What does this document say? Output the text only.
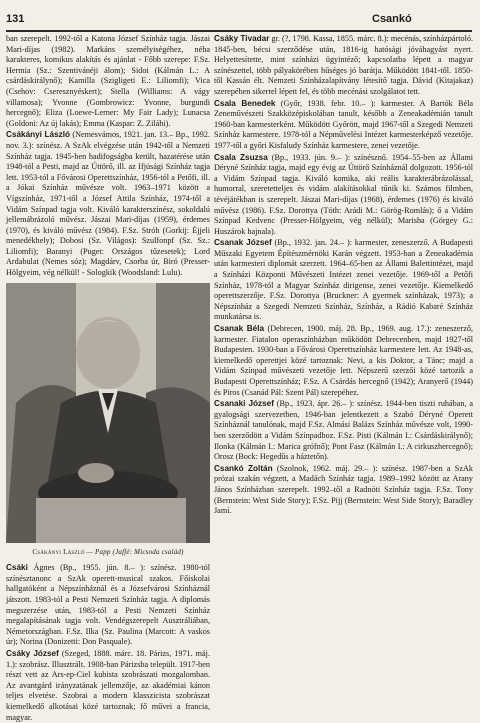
131	Csankó

ban szerepelt. 1992-től a Katona József Színház tagja. Jászai Mari-díjas (1982). Markáns személyiségéhez, néha karakteres, komikus alakítás és ajánlat - Főbb szerepe: F.Sz. Hermia (Sz.: Szentivánéji álom); Sidoi (Kálmán L.: A csárdáskirálynő); Kamilla (Szigligeti E.: Liliomfi); Vica (Csehov: Cseresznyéskert); Stella (Williams: A vágy villamosa); Yvonne (Gombrowicz: Yvonne, burgundi hercegnő); Eliza (Loewe-Lerner: My Fair Lady); Lunacsa (Goldoni: Az új lakás); Emma (Kaspar: Z. Ziláhi).

Csákányi László (Nemesvámos, 1921. jan. 13.– Bp., 1992. nov. 3.): színész. A SzAk elvégzése után 1942-től a Nemzeti Színház tagja. 1945-ben hadifogságba került, hazatérése után 1948-tól a Pesti, majd az Úttörő, ill. az Ifjúsági Színház tagja lett. 1953-tól a Fővárosi Operettszínház, 1956-tól a Petőfi, ill. a Jókai Színház művésze volt. 1963–1971 között a Vígszínház, 1971-től a József Attila Színház, 1974-től a Vidám Színpad tagja volt. Kiváló karakterszínész, sokoldalú jellemábrázoló művész. Jászai Mari-díjas (1959), érdemes (1970), és kiváló művész (1984). F.Sz. Stróh (Gorkij: Éjjeli menedékhely); Dobosi (Sz. Világos): Szulfonpf (Sz. Sz.: Liliomfi); Baranyi (Puget: Országos tűzesetek); Lord Ardabulat (Nemes sóz); Magdárv, Csorba úr, Biró (Presser-Hölgyeim, vég nélkül! - Sologkik (Woodsland: Lulu).

Csákányi László — Papp (Jaffé: Micsoda család)

Csáki Ágnes (Bp., 1955. jún. 8.– ): színész. 1980-tól színésztanonc a SzAk operett-musical szakos. Főiskolai hallgatóként a Népszínháznál és a Józsefvárosi Színháznál játszott. 1983-tól a Pesti Nemzeti Színház tagja. A diplomás megszerzése után, 1983-tól a Pesti Nemzeti Színház megalapításának tagja volt. Vendégszerepelt Ausztráliában, Németországban. F.Sz. Ilka (Sz. Paulina (Marcott: A vaskos úr); Norina (Donizetti: Don Pasquale).

Csáky József (Szeged, 1888. márc. 18. Párizs, 1971. máj. 1.): szobrász. Illusztrált. 1908-ban Párizsba települt. 1917-ben részt vett az Ars-ep-Ciel kubista szobrászati mozgalomban. Az avantgárd irányzatának jellemzője, az akadémiai kánon teljes elvetése. Szobrai a modern klasszicista szobrászat kiemelkedő alkotásai közé tartoznak; fő művei a francia, magyar.

Csáky Tivadar gr. (?, 1798. Kassa, 1855. márc. 8.): mecénás, színházpártoló. 1845-ben, bécsi szerződése után, 1816-ig hatósági jóváhagyást nyert. Helyettesítette, mint színházi ügyintéző; kapcsolatba lépett a magyar színészettel, több pályakörében hűséges jó barátja. Működött 1841-től. 1850-től Kassán élt. Nemzeti Színházalapítvány létesítő tagja. Dávid (Kitajakaz) szerepében sikerrel lépett fel, és több mecénási szolgálatot tett.

Csala Benedek (Győr, 1938. febr. 10.– ): karmester. A Bartók Béla Zeneművészeti Szakközépiskolában tanult, később a Zeneakadémián tanult 1960-ban karmesterként. Működött Győrött, majd 1967-től a Szegedi Nemzeti Színház karmestere. 1978-tól a Népművelési Intézet karmesterképző vezetője. 1977-től a győri Kisfaludy Színház karmestere, zenei vezetője.

Csala Zsuzsa (Bp., 1933. jún. 9.– ): színésznő. 1954–55-ben az Állami Déryné Színház tagja, majd egy évig az Úttörő Színháznál dolgozott. 1956-tól a Vidám Színpad tagja. Kiváló komika, aki reális karakterábrázolással, humorral, szeretetteljes és vidám alakításokkal tűnik ki. Számos filmben, tévéjátékban is szerepelt. Jászai Mari-díjas (1968), érdemes (1976) és kiváló művész (1986). F.Sz. Dorottya (Tóth: Arádi M.: Görög-Romlás); ő a Vidám Színpad Kedvenc (Presser-Hölgyeim, vég nélkül); Marisha (Görgey G.: Huszárok hajnala).

Csanak József (Bp., 1932. jan. 24.– ): karmester, zeneszerző. A Budapesti Műszaki Egyetem Építészmérnöki Karán végzett. 1953-ban a Zeneakadémia után karmesteri diplomát szerzett. 1964–65-ben az Állami Balettintézet, majd a Színházi Központi Művészeti Intézet zenei vezetője. 1969-től a Petőfi Színház, 1978-tól a Magyar Színház dirigense, zenei vezetője. Kiemelkedő operettszerzője. F.Sz. Dorottya (Bruckner: A gyermek színházak, 1973); a Népszínház a Szegedi Nemzeti Színház, Színház, a Rádió Kabaré Színház munkatársa is.

Csanak Béla (Debrecen, 1900. máj. 28. Bp., 1969. aug. 17.): zeneszerző, karmester. Fiatalon operaszínházban működött Debrecenben, majd 1927-től Budapesten. 1930-ban a Fővárosi Operettszínház karmestere lett. Az 1948-as, kiemelkedő operettjei közé tartoznak: Nevi, a kis Doktor, a Tánc; majd a Vidám Színpad művészeti vezetője lett. Népszerű szerzői közé tartozik a Budapesti Operettszínház; F.Sz. A Csárdás hercegnő (1942); Aranyerő (1944) és Piros (Csanád Pál: Szent Pál) szerepéhez.

Csanaki József (Bp., 1923. ápr. 26.– ): színész. 1944-ben tiszti ruhában, a gyalogsági szervezetben, 1946-ban jelentkezett a Szabó Déryné Operett Színháznál tanulónak, majd F.Sz. Almási Balázs Színház művésze volt, 1990-ben szerződött a Vidám Színpadhoz. F.Sz. Pisti (Kálmán I.: Csárdáskirálynő); Ilonka (Kálmán I.: Marica grófnő); Pont Fasz (Kálmán I.: A cirkuszhercegnő); Orosz (Bock: Hegedűs a háztetőn).

Csankó Zoltán (Szolnok, 1962. máj. 29.– ): színész. 1987-ben a SzAk prózai szakán végzett, a Madách Színház tagja. 1989–1992 között az Arany János Színházban szerepelt. 1992–től a Radnóti Színház tagja. F.Sz. Tony (Bernstein: West Side Story); F.Sz. Pijj (Bernstein: West Side Story); Baradley Jamí.
